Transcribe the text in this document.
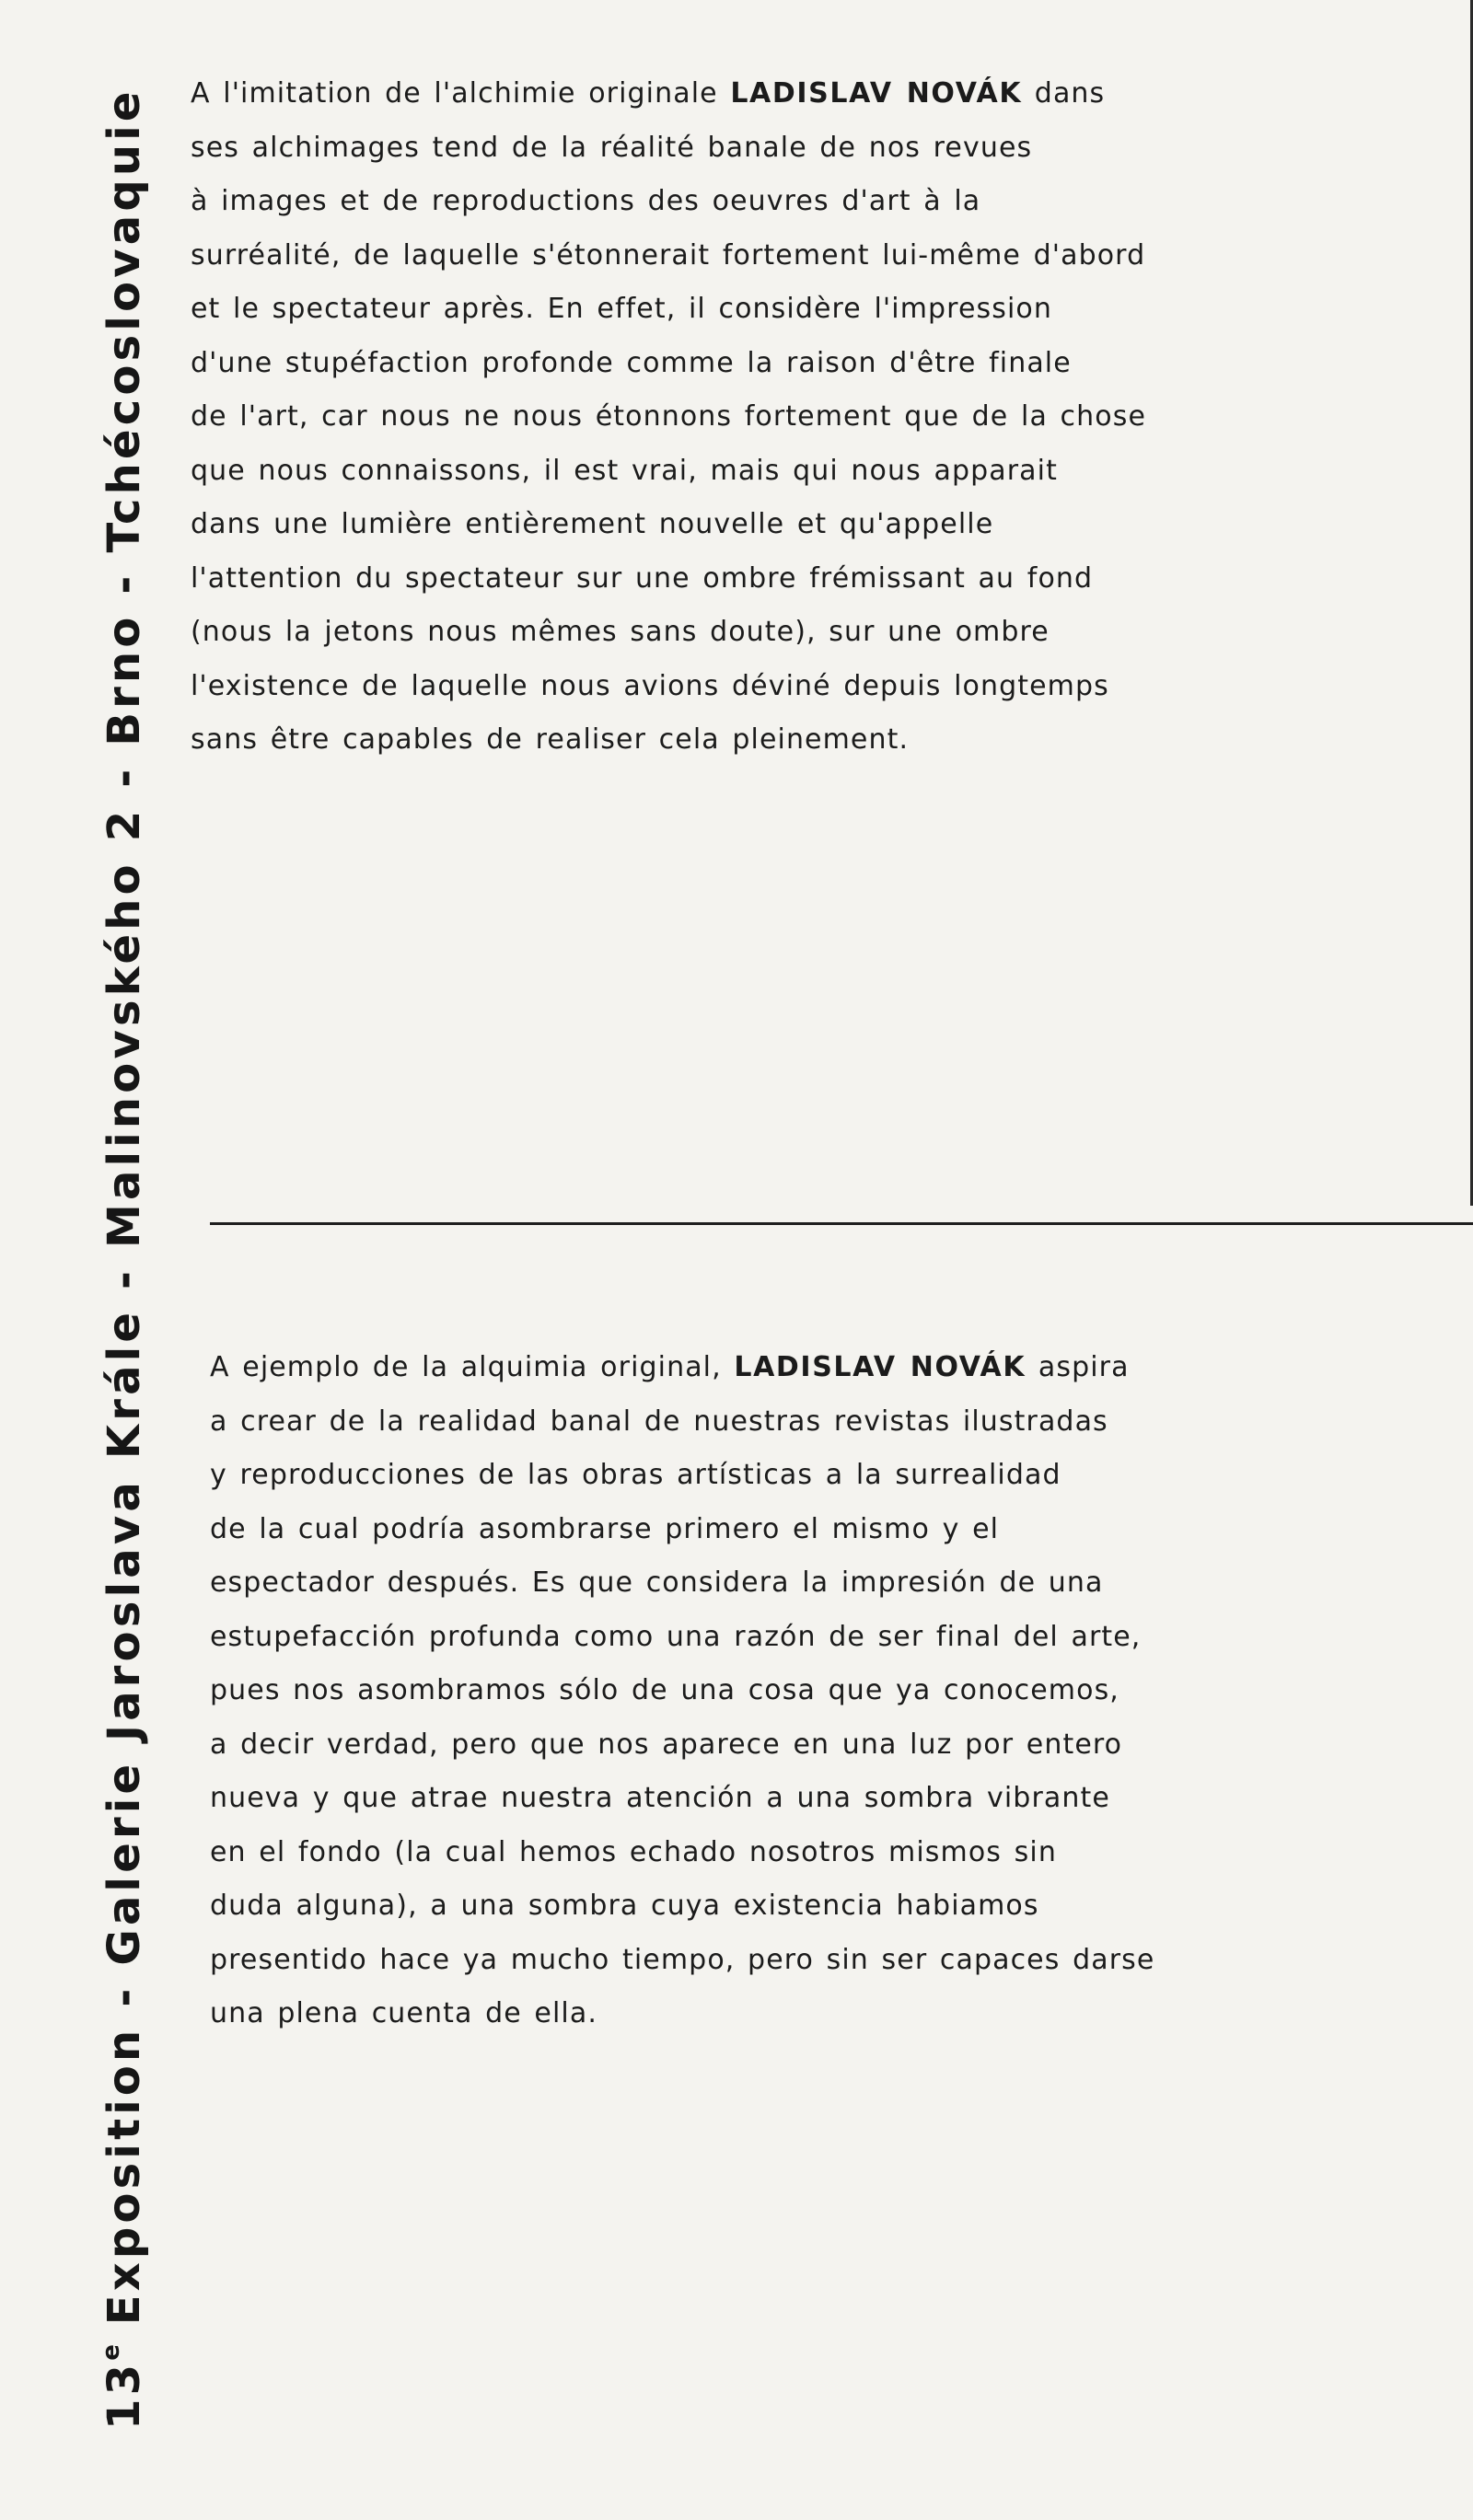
13e Exposition - Galerie Jaroslava Krále - Malinovského 2 - Brno - Tchécoslovaquie A l'imitation de l'alchimie originale LADISLAV NOVÁK dans
ses alchimages tend de la réalité banale de nos revues
à images et de reproductions des oeuvres d'art à la
surréalité, de laquelle s'étonnerait fortement lui-même d'abord
et le spectateur après. En effet, il considère l'impression
d'une stupéfaction profonde comme la raison d'être finale
de l'art, car nous ne nous étonnons fortement que de la chose
que nous connaissons, il est vrai, mais qui nous apparait
dans une lumière entièrement nouvelle et qu'appelle
l'attention du spectateur sur une ombre frémissant au fond
(nous la jetons nous mêmes sans doute), sur une ombre
l'existence de laquelle nous avions déviné depuis longtemps
sans être capables de realiser cela pleinement.
A ejemplo de la alquimia original, LADISLAV NOVÁK aspira
a crear de la realidad banal de nuestras revistas ilustradas
y reproducciones de las obras artísticas a la surrealidad
de la cual podría asombrarse primero el mismo y el
espectador después. Es que considera la impresión de una
estupefacción profunda como una razón de ser final del arte,
pues nos asombramos sólo de una cosa que ya conocemos,
a decir verdad, pero que nos aparece en una luz por entero
nueva y que atrae nuestra atención a una sombra vibrante
en el fondo (la cual hemos echado nosotros mismos sin
duda alguna), a una sombra cuya existencia habiamos
presentido hace ya mucho tiempo, pero sin ser capaces darse
una plena cuenta de ella.
